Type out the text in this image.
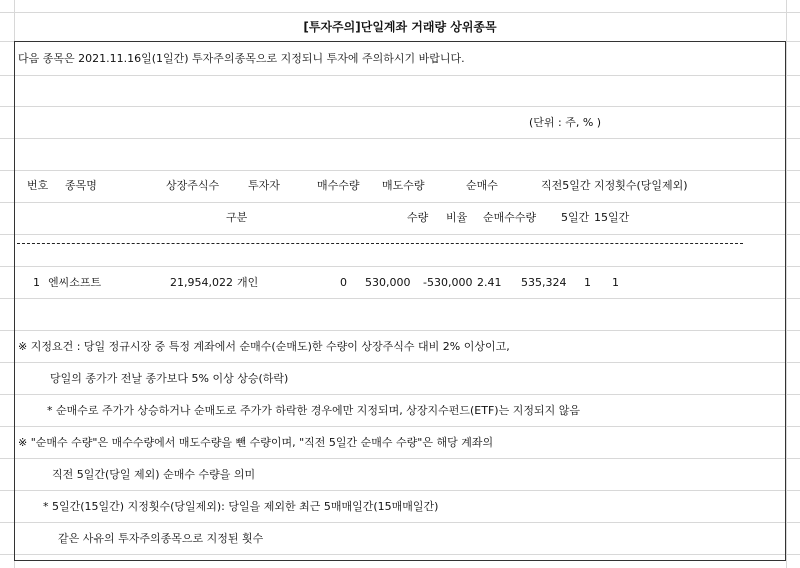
[투자주의]단일계좌 거래량 상위종목
다음 종목은 2021.11.16일(1일간) 투자주의종목으로 지정되니 투자에 주의하시기 바랍니다.
(단위 : 주, % )
번호 종목명	상장주식수	투자자	매수수량 매도수량	순매수	직전5일간 지정횟수(당일제외)
구분	수량 비율 순매수수량 5일간 15일간
1 엔씨소프트	21,954,022 개인	0 530,000 -530,000 2.41 535,324 1 1
※ 지정요건 : 당일 정규시장 중 특정 계좌에서 순매수(순매도)한 수량이 상장주식수 대비 2% 이상이고,
당일의 종가가 전날 종가보다 5% 이상 상승(하락)
* 순매수로 주가가 상승하거나 순매도로 주가가 하락한 경우에만 지정되며, 상장지수펀드(ETF)는 지정되지 않음
※ "순매수 수량"은 매수수량에서 매도수량을 뺀 수량이며, "직전 5일간 순매수 수량"은 해당 계좌의
직전 5일간(당일 제외) 순매수 수량을 의미
* 5일간(15일간) 지정횟수(당일제외): 당일을 제외한 최근 5매매일간(15매매일간)
같은 사유의 투자주의종목으로 지정된 횟수
